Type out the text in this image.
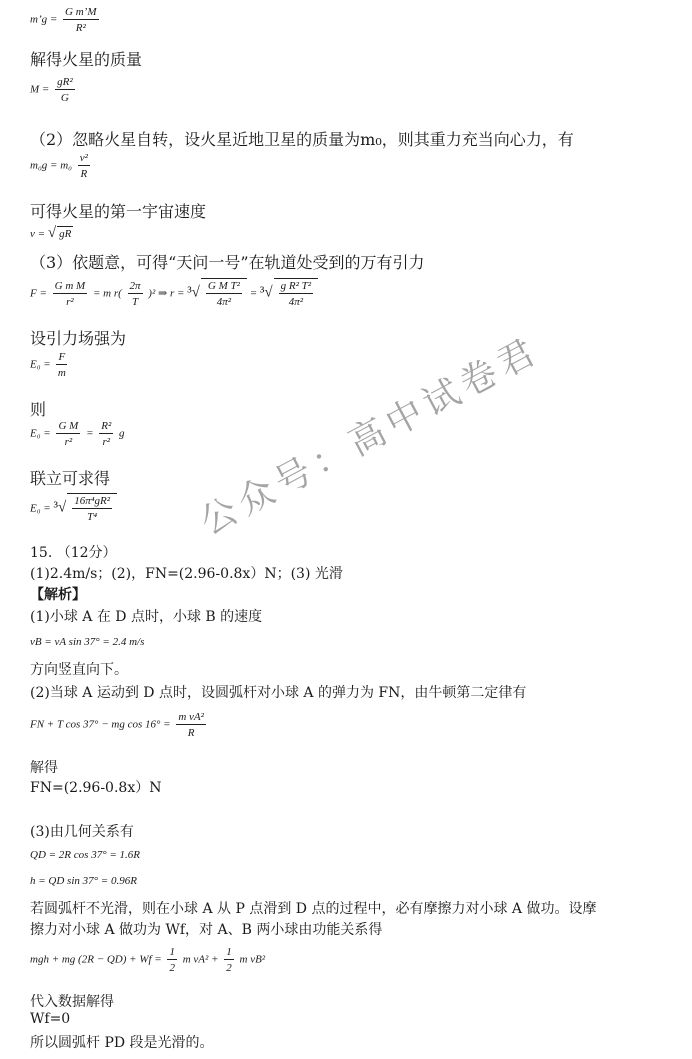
m’g = $\frac{\text{G m’M}}{\text{R²}}$
解得火星的质量
$M = \frac{\text{gR²}}{G}$
（2）忽略火星自转，设火星近地卫星的质量为m₀，则其重力充当向心力，有
$m_0g = m_0 \frac{\text{v²}}{R}$
可得火星的第一宇宙速度
v = √ gR
（3）依题意，可得“天问一号”在轨道处受到的万有引力
$F = \frac{\text{G m M}}{\text{r²}} = m$ $r( \frac{2\pi}{T} )^2$ ⇒ $r = ^3√ \frac{\text{G M T²}}{\text{4π²}} = ^3√ \frac{\text{g R² T²}}{\text{4π²}}$
设引力场强为
$E_0 = \frac{F}{m}$
则
$E_0 = \frac{\text{G M}}{\text{r²}} = \frac{\text{R²}}{\text{r²}}$ g
联立可求得
$E_0 = ^3√ \frac{\text{16π⁴gR²}}{\text{T⁴}}$
15. （12分）
(1)2.4m/s；(2)，FN=(2.96-0.8x）N；(3) 光滑
【解析】
(1)小球 A 在 D 点时，小球 B 的速度
vB = vA sin 37° = 2.4 m/s
方向竖直向下。
(2)当球 A 运动到 D 点时，设圆弧杆对小球 A 的弹力为 FN，由牛顿第二定律有
FN + T cos 37° − mg $\cos 16^\circ = \frac{\text{m vA²}}{R}$
解得
FN=(2.96-0.8x）N
(3)由几何关系有
QD = 2R cos 37° = 1.6R
h = QD sin 37° = 0.96R
若圆弧杆不光滑，则在小球 A 从 P 点滑到 D 点的过程中，必有摩擦力对小球 A 做功。设摩
擦力对小球 A 做功为 Wf，对 A、B 两小球由功能关系得
mgh + mg $(2R - QD) + Wf = \frac{1}{2}$ m $vA^2 + \frac{1}{2}$ m vB²
代入数据解得
Wf=0
所以圆弧杆 PD 段是光滑的。
公众号：高中试卷君
